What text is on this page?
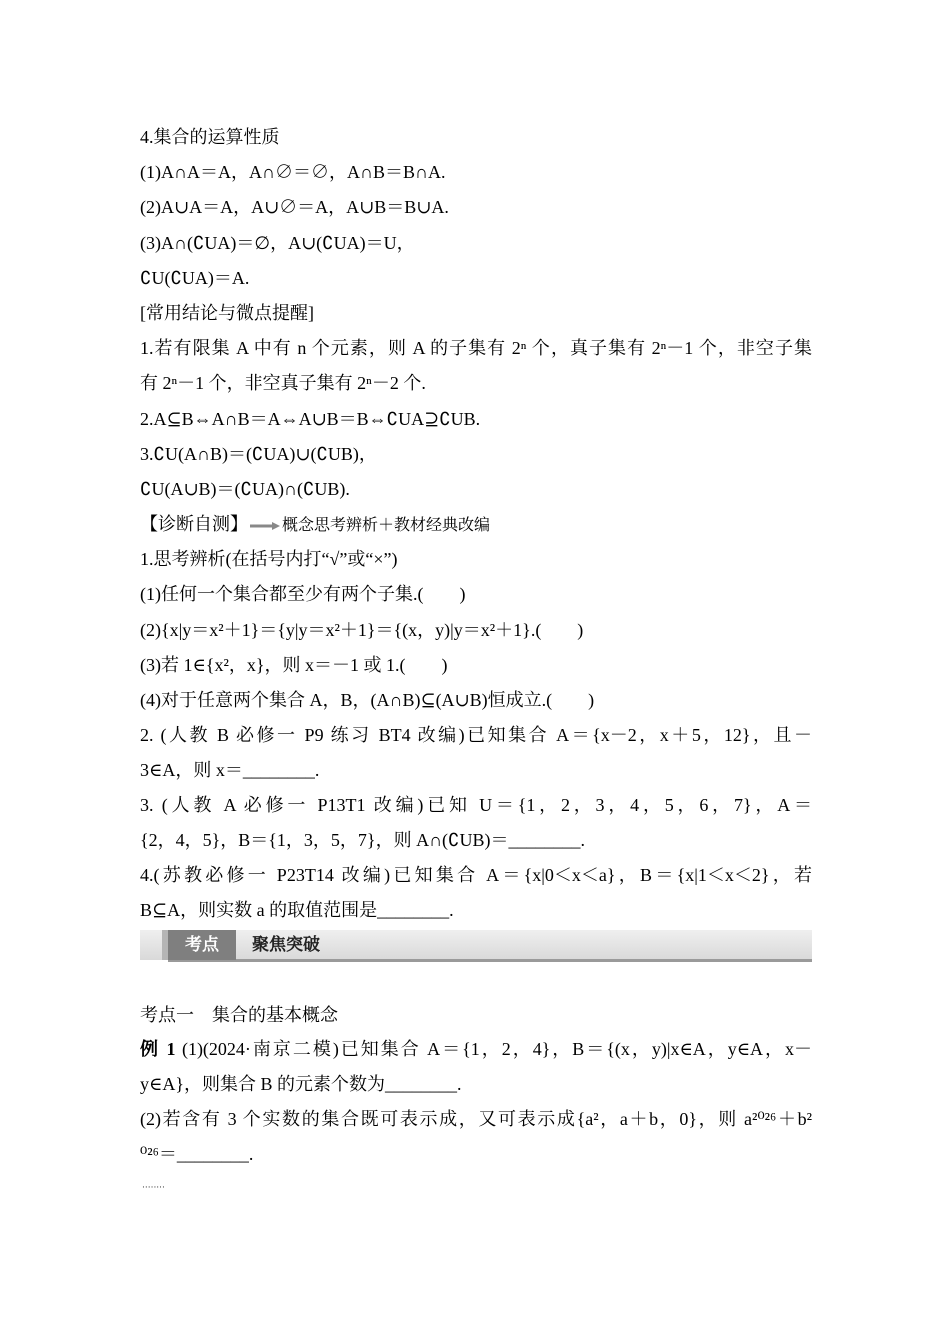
4.集合的运算性质
(1)A∩A＝A，A∩∅＝∅，A∩B＝B∩A.
(2)A∪A＝A，A∪∅＝A，A∪B＝B∪A.
(3)A∩(∁UA)＝∅，A∪(∁UA)＝U，
∁U(∁UA)＝A.
[常用结论与微点提醒]
1.若有限集 A 中有 n 个元素，则 A 的子集有 2ⁿ 个，真子集有 2ⁿ－1 个，非空子集
有 2ⁿ－1 个，非空真子集有 2ⁿ－2 个.
2.A⊆B⇔A∩B＝A⇔A∪B＝B⇔∁UA⊇∁UB.
3.∁U(A∩B)＝(∁UA)∪(∁UB)，
∁U(A∪B)＝(∁UA)∩(∁UB).
【诊断自测】 概念思考辨析＋教材经典改编
1.思考辨析(在括号内打“√”或“×”)
(1)任何一个集合都至少有两个子集.(　　)
(2){x|y＝x²＋1}＝{y|y＝x²＋1}＝{(x，y)|y＝x²＋1}.(　　)
(3)若 1∈{x²，x}，则 x＝－1 或 1.(　　)
(4)对于任意两个集合 A，B，(A∩B)⊆(A∪B)恒成立.(　　)
2. (人教 B 必修一 P9 练习 BT4 改编)已知集合 A＝{x－2，x＋5，12}，且－
3∈A，则 x＝________.
3. (人教 A 必修一 P13T1 改编)已知 U＝{1，2，3，4，5，6，7}，A＝
{2，4，5}，B＝{1，3，5，7}，则 A∩(∁UB)＝________.
4.(苏教必修一 P23T14 改编)已知集合 A＝{x|0＜x＜a}，B＝{x|1＜x＜2}，若
B⊆A，则实数 a 的取值范围是________.
考点	聚焦突破
考点一　集合的基本概念
例 1 (1)(2024·南京二模)已知集合 A＝{1，2，4}，B＝{(x，y)|x∈A，y∈A，x－
y∈A}，则集合 B 的元素个数为________.
(2)若含有 3 个实数的集合既可表示成，又可表示成{a²，a＋b，0}，则 a²⁰²⁶＋b²
⁰²⁶＝________.
········
